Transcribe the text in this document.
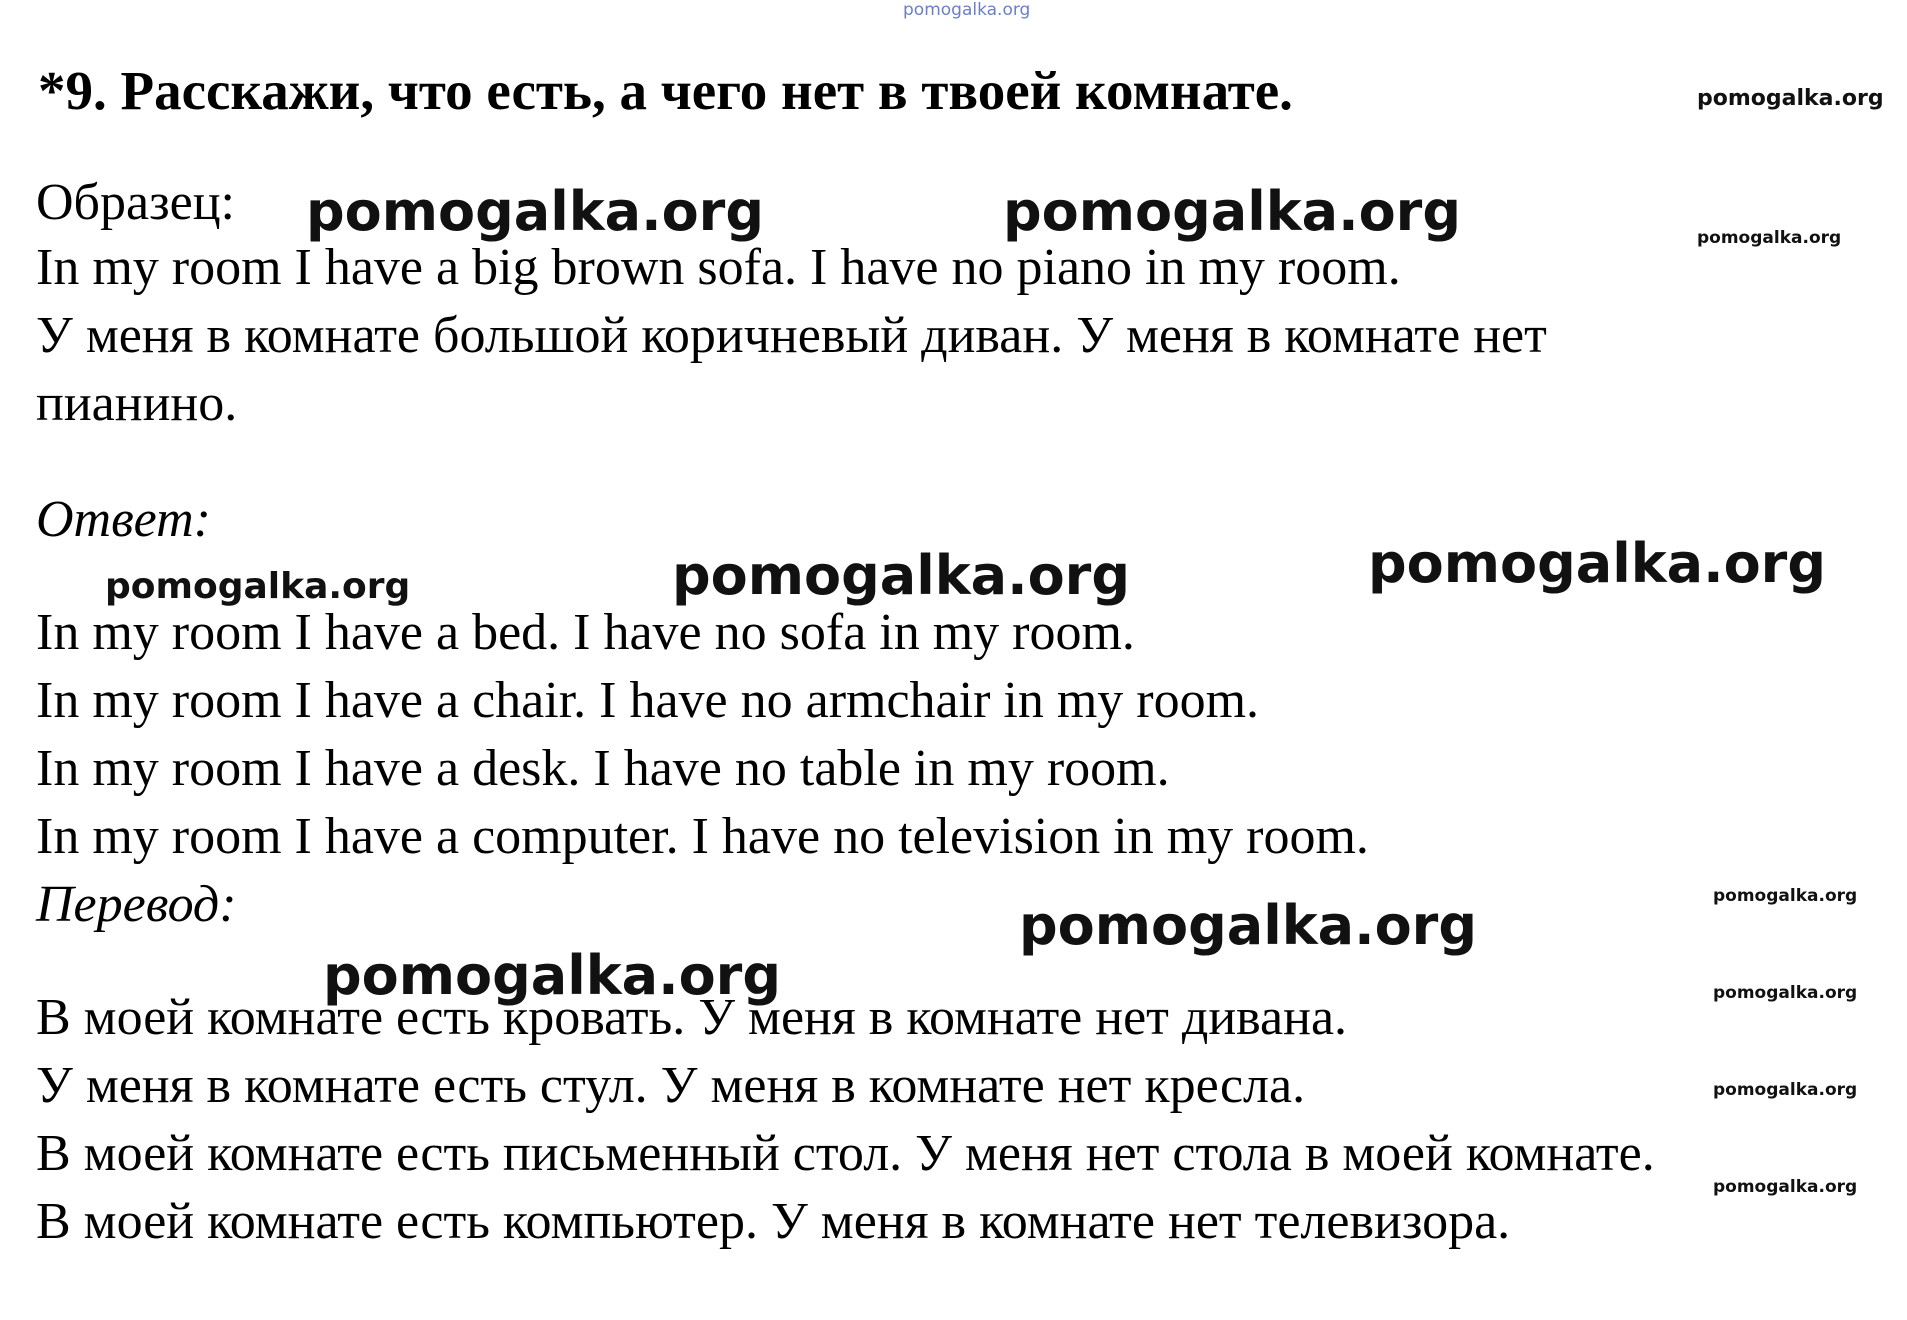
pomogalka.org
*9. Расскажи, что есть, а чего нет в твоей комнате.	pomogalka.org
Образец: pomogalka.org	pomogalka.org	pomogalka.org
In my room I have a big brown sofa. I have no piano in my room.
У меня в комнате большой коричневый диван. У меня в комнате нет
пианино.
Ответ:
pomogalka.org	pomogalka.org	pomogalka.org
In my room I have a bed. I have no sofa in my room.
In my room I have a chair. I have no armchair in my room.
In my room I have a desk. I have no table in my room.
In my room I have a computer. I have no television in my room.
Перевод:	pomogalka.org
pomogalka.org
pomogalka.org	pomogalka.org
В моей комнате есть кровать. У меня в комнате нет дивана.
pomogalka.org
У меня в комнате есть стул. У меня в комнате нет кресла.
В моей комнате есть письменный стол. У меня нет стола в моей комнате.
pomogalka.org
В моей комнате есть компьютер. У меня в комнате нет телевизора.
